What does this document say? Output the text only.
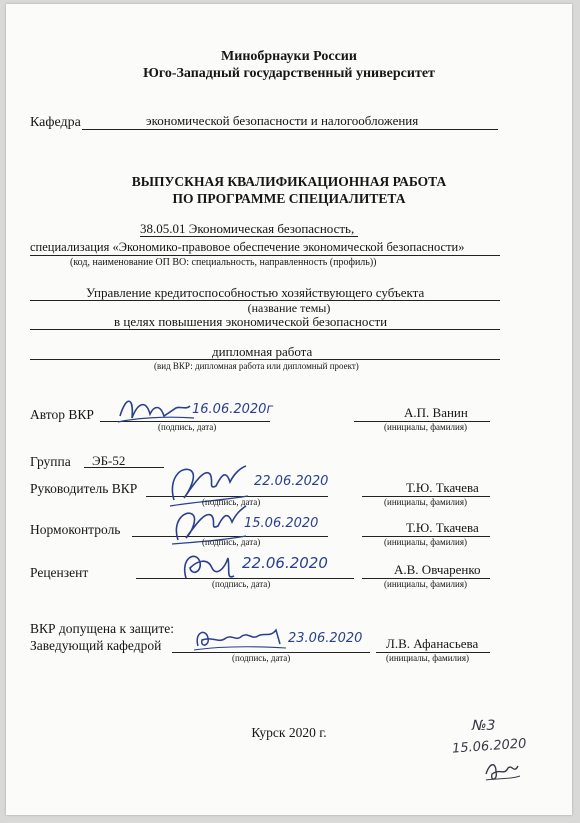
Минобрнауки России
Юго-Западный государственный университет
Кафедра	экономической безопасности и налогообложения
ВЫПУСКНАЯ КВАЛИФИКАЦИОННАЯ РАБОТА
ПО ПРОГРАММЕ СПЕЦИАЛИТЕТА
38.05.01 Экономическая безопасность,
специализация «Экономико-правовое обеспечение экономической безопасности»
(код, наименование ОП ВО: специальность, направленность (профиль))
Управление кредитоспособностью хозяйствующего субъекта
(название темы)
в целях повышения экономической безопасности
дипломная работа
(вид ВКР: дипломная работа или дипломный проект)
Автор ВКР	16.06.2020г
(подпись, дата)
А.П. Ванин
(инициалы, фамилия)
Группа ЭБ-52
Руководитель ВКР	22.06.2020
(подпись, дата)
Т.Ю. Ткачева
(инициалы, фамилия)
Нормоконтроль	15.06.2020
(подпись, дата)
Т.Ю. Ткачева
(инициалы, фамилия)
Рецензент
22.06.2020
(подпись, дата)
А.В. Овчаренко
(инициалы, фамилия)
ВКР допущена к защите:
Заведующий кафедрой	23.06.2020
(подпись, дата)
Л.В. Афанасьева
(инициалы, фамилия)
Курск 2020 г.	№3
15.06.2020
